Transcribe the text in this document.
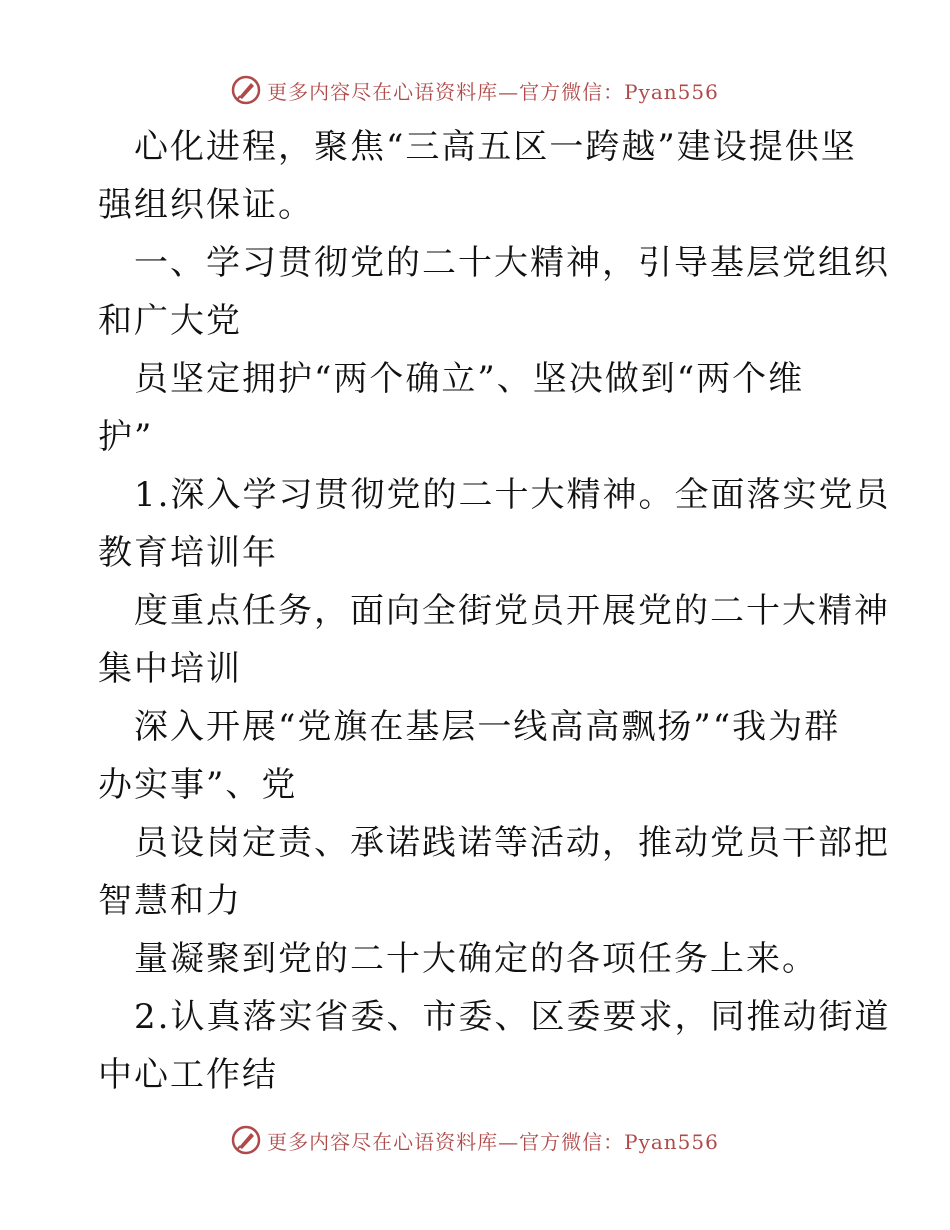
更多内容尽在心语资料库—官方微信：Pyan556
心化进程，聚焦“三高五区一跨越”建设提供坚
强组织保证。
一、学习贯彻党的二十大精神，引导基层党组织
和广大党
员坚定拥护“两个确立”、坚决做到“两个维
护”
1.深入学习贯彻党的二十大精神。全面落实党员
教育培训年
度重点任务，面向全街党员开展党的二十大精神
集中培训
深入开展“党旗在基层一线高高飘扬”“我为群
办实事”、党
员设岗定责、承诺践诺等活动，推动党员干部把
智慧和力
量凝聚到党的二十大确定的各项任务上来。
2.认真落实省委、市委、区委要求，同推动街道
中心工作结
更多内容尽在心语资料库—官方微信：Pyan556
